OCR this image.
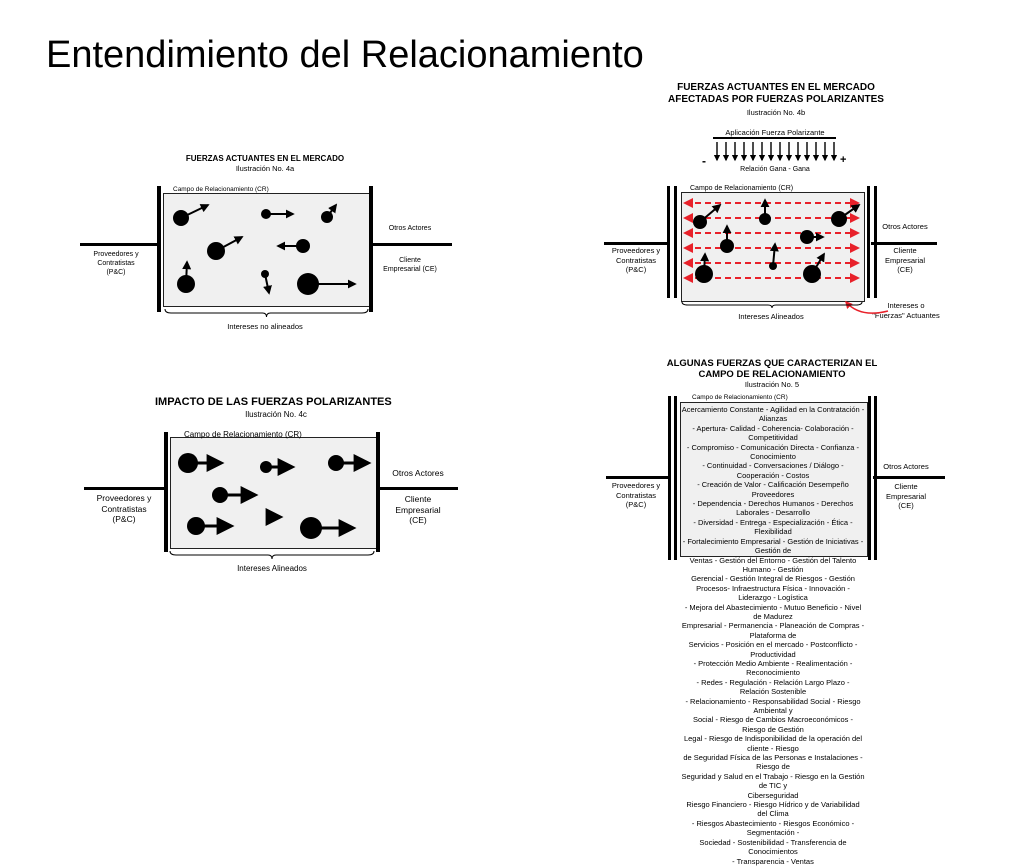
Entendimiento del Relacionamiento
FUERZAS ACTUANTES EN EL MERCADO
Ilustración No. 4a
Campo de Relacionamiento (CR)
Proveedores y
Contratistas
(P&C)
Otros Actores
Cliente
Empresarial (CE)
Intereses no alineados
FUERZAS ACTUANTES EN EL MERCADO
AFECTADAS POR FUERZAS POLARIZANTES
Ilustración No. 4b
Aplicación Fuerza Polarizante
-	+
Relación Gana - Gana
Campo de Relacionamiento (CR)
Proveedores y
Contratistas
(P&C)
Otros Actores
Cliente
Empresarial
(CE)
Intereses Alineados
Intereses o
"Fuerzas" Actuantes
IMPACTO DE LAS FUERZAS POLARIZANTES
Ilustración No. 4c
Campo de Relacionamiento (CR)
Proveedores y
Contratistas
(P&C)
Otros Actores
Cliente
Empresarial
(CE)
Intereses Alineados
ALGUNAS FUERZAS QUE CARACTERIZAN EL
CAMPO DE RELACIONAMIENTO
Ilustración No. 5
Campo de Relacionamiento (CR)
Acercamiento Constante - Agilidad en la Contratación - Alianzas
- Apertura- Calidad - Coherencia- Colaboración - Competitividad
- Compromiso - Comunicación Directa - Confianza - Conocimiento
- Continuidad - Conversaciones / Diálogo - Cooperación - Costos
- Creación de Valor - Calificación Desempeño Proveedores
- Dependencia - Derechos Humanos - Derechos Laborales - Desarrollo
- Diversidad - Entrega - Especialización - Ética - Flexibilidad
- Fortalecimiento Empresarial - Gestión de Iniciativas - Gestión de
Ventas - Gestión del Entorno - Gestión del Talento Humano - Gestión
Gerencial - Gestión Integral de Riesgos - Gestión
Procesos- Infraestructura Física - Innovación - Liderazgo - Logística
- Mejora del Abastecimiento - Mutuo Beneficio - Nivel de Madurez
Empresarial - Permanencia - Planeación de Compras - Plataforma de
Servicios - Posición en el mercado - Postconflicto - Productividad
- Protección Medio Ambiente - Realimentación - Reconocimiento
- Redes - Regulación - Relación Largo Plazo - Relación Sostenible
- Relacionamiento - Responsabilidad Social - Riesgo Ambiental y
Social - Riesgo de Cambios Macroeconómicos - Riesgo de Gestión
Legal - Riesgo de Indisponibilidad de la operación del cliente - Riesgo
de Seguridad Física de las Personas e Instalaciones - Riesgo de
Seguridad y Salud en el Trabajo - Riesgo en la Gestión de TIC y
Ciberseguridad
Riesgo Financiero - Riesgo Hídrico y de Variabilidad del Clima
- Riesgos Abastecimiento - Riesgos Económico - Segmentación -
Sociedad - Sostenibilidad - Transferencia de Conocimientos
- Transparencia - Ventas
Proveedores y
Contratistas
(P&C)
Otros Actores
Cliente
Empresarial
(CE)
